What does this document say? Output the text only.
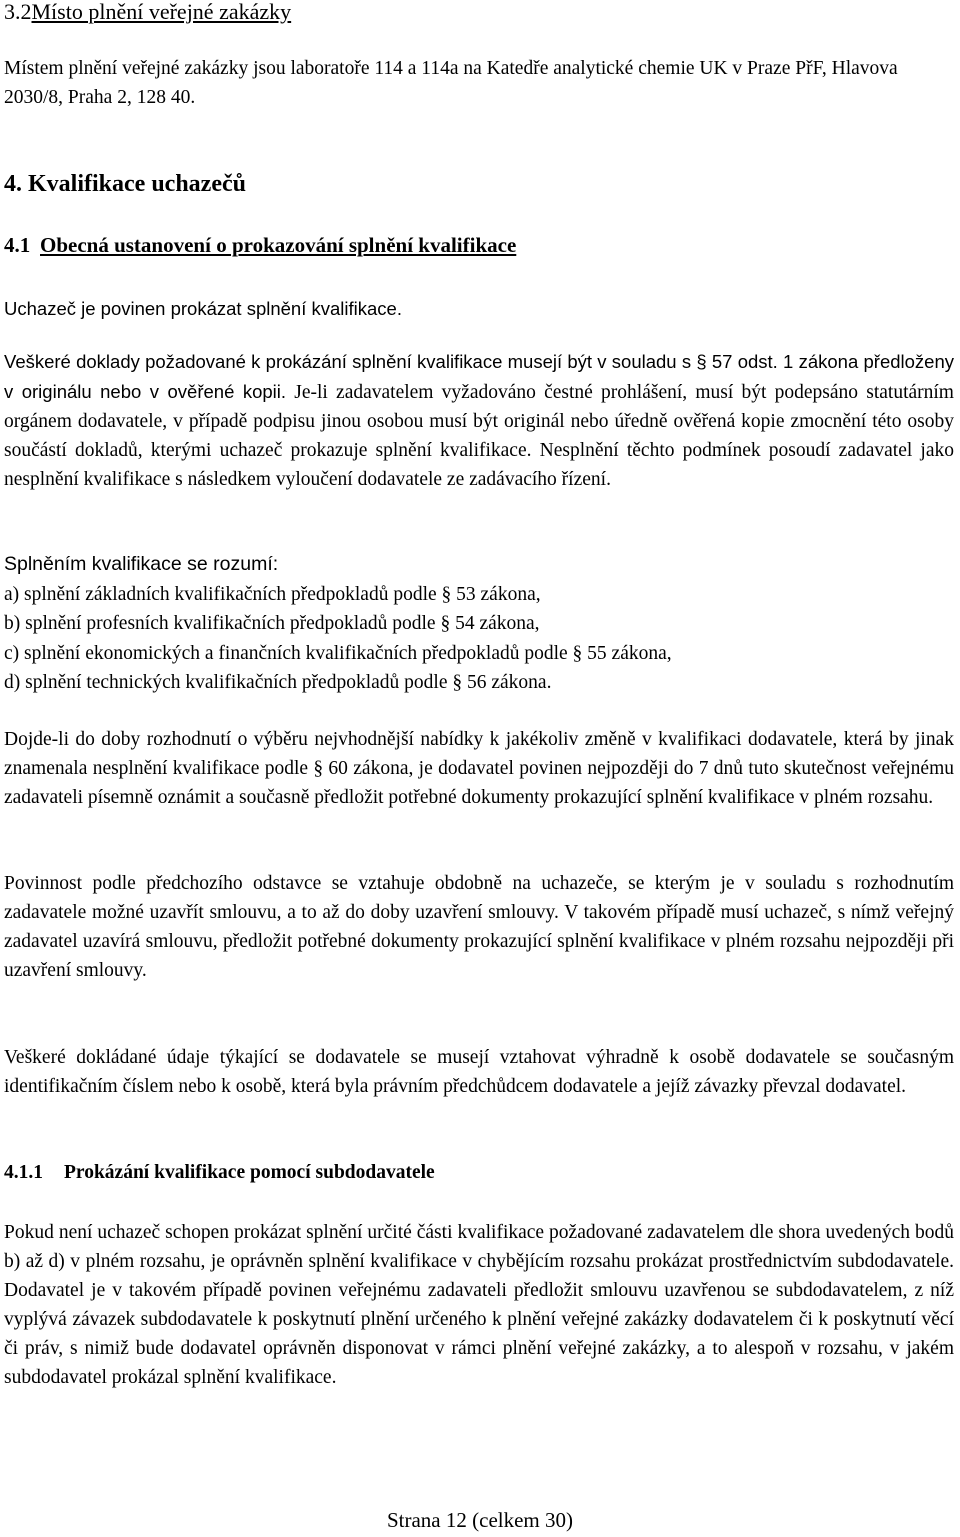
3.2Místo plnění veřejné zakázky
Místem plnění veřejné zakázky jsou laboratoře 114 a 114a na Katedře analytické chemie UK v Praze PřF, Hlavova 2030/8, Praha 2, 128 40.
4. Kvalifikace uchazečů
4.1 Obecná ustanovení o prokazování splnění kvalifikace
Uchazeč je povinen prokázat splnění kvalifikace.
Veškeré doklady požadované k prokázání splnění kvalifikace musejí být v souladu s § 57 odst. 1 zákona předloženy v originálu nebo v ověřené kopii. Je-li zadavatelem vyžadováno čestné prohlášení, musí být podepsáno statutárním orgánem dodavatele, v případě podpisu jinou osobou musí být originál nebo úředně ověřená kopie zmocnění této osoby součástí dokladů, kterými uchazeč prokazuje splnění kvalifikace. Nesplnění těchto podmínek posoudí zadavatel jako nesplnění kvalifikace s následkem vyloučení dodavatele ze zadávacího řízení.
Splněním kvalifikace se rozumí:
a) splnění základních kvalifikačních předpokladů podle § 53 zákona,
b) splnění profesních kvalifikačních předpokladů podle § 54 zákona,
c) splnění ekonomických a finančních kvalifikačních předpokladů podle § 55 zákona,
d) splnění technických kvalifikačních předpokladů podle § 56 zákona.
Dojde-li do doby rozhodnutí o výběru nejvhodnější nabídky k jakékoliv změně v kvalifikaci dodavatele, která by jinak znamenala nesplnění kvalifikace podle § 60 zákona, je dodavatel povinen nejpozději do 7 dnů tuto skutečnost veřejnému zadavateli písemně oznámit a současně předložit potřebné dokumenty prokazující splnění kvalifikace v plném rozsahu.
Povinnost podle předchozího odstavce se vztahuje obdobně na uchazeče, se kterým je v souladu s rozhodnutím zadavatele možné uzavřít smlouvu, a to až do doby uzavření smlouvy. V takovém případě musí uchazeč, s nímž veřejný zadavatel uzavírá smlouvu, předložit potřebné dokumenty prokazující splnění kvalifikace v plném rozsahu nejpozději při uzavření smlouvy.
Veškeré dokládané údaje týkající se dodavatele se musejí vztahovat výhradně k osobě dodavatele se současným identifikačním číslem nebo k osobě, která byla právním předchůdcem dodavatele a jejíž závazky převzal dodavatel.
4.1.1 Prokázání kvalifikace pomocí subdodavatele
Pokud není uchazeč schopen prokázat splnění určité části kvalifikace požadované zadavatelem dle shora uvedených bodů b) až d) v plném rozsahu, je oprávněn splnění kvalifikace v chybějícím rozsahu prokázat prostřednictvím subdodavatele. Dodavatel je v takovém případě povinen veřejnému zadavateli předložit smlouvu uzavřenou se subdodavatelem, z níž vyplývá závazek subdodavatele k poskytnutí plnění určeného k plnění veřejné zakázky dodavatelem či k poskytnutí věcí či práv, s nimiž bude dodavatel oprávněn disponovat v rámci plnění veřejné zakázky, a to alespoň v rozsahu, v jakém subdodavatel prokázal splnění kvalifikace.
Strana 12 (celkem 30)
